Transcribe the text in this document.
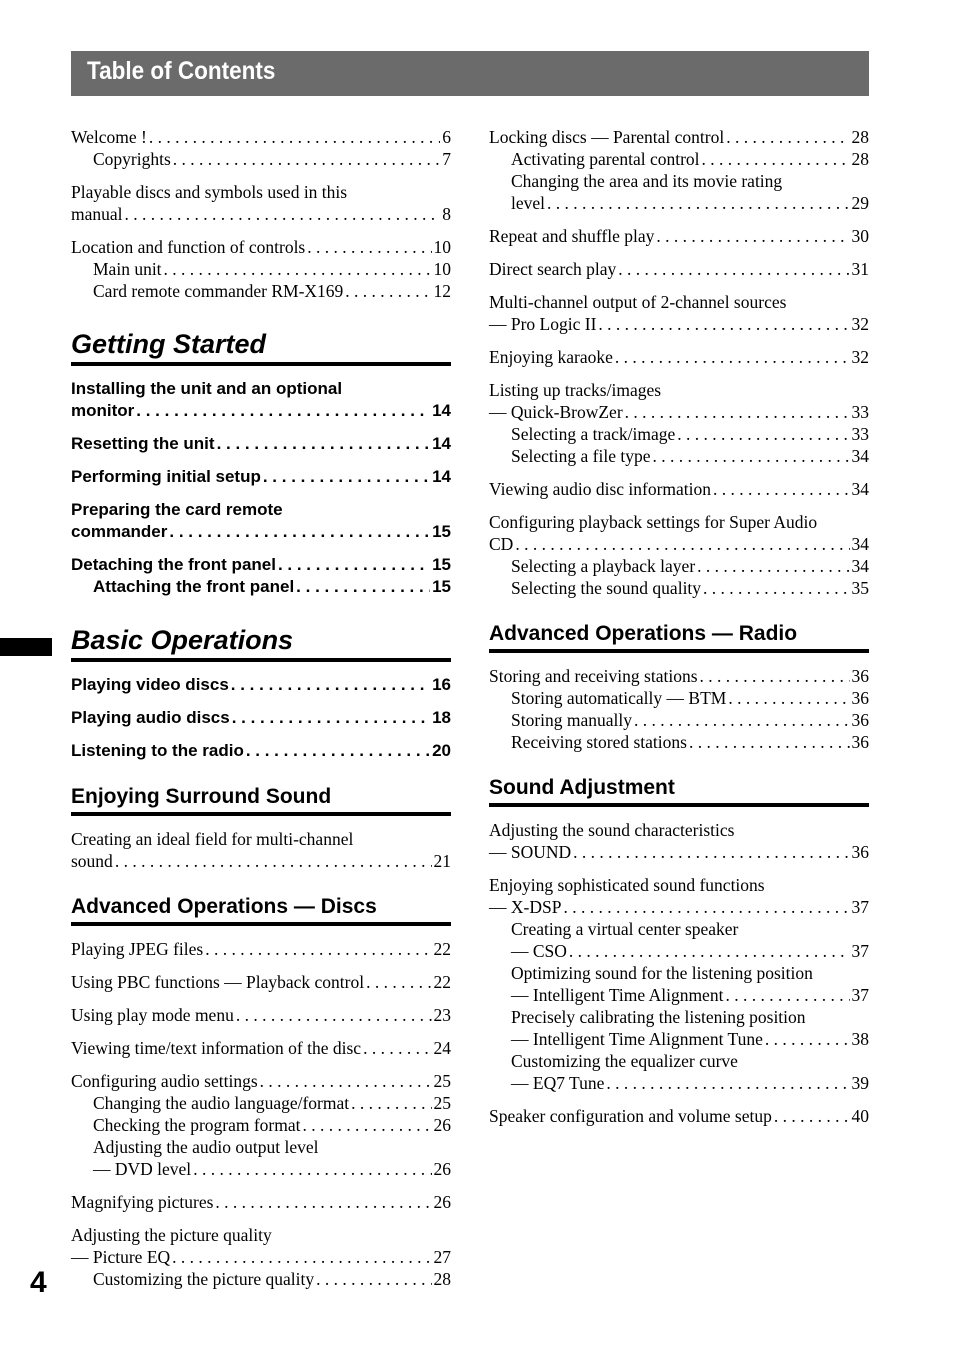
Table of Contents
4
Welcome ! . . .	6
Copyrights . . .	7
Playable discs and symbols used in this
manual . . .	8
Location and function of controls . . .	10
Main unit . . .	10
Card remote commander RM-X169 . . .	12
Getting Started
Installing the unit and an optional
monitor . . .	14
Resetting the unit . . .	14
Performing initial setup . . .	14
Preparing the card remote
commander . . .	15
Detaching the front panel . . .	15
Attaching the front panel . . .	15
Basic Operations
Playing video discs . . .	16
Playing audio discs . . .	18
Listening to the radio . . .	20
Enjoying Surround Sound
Creating an ideal field for multi-channel
sound . . .	21
Advanced Operations — Discs
Playing JPEG files . . .	22
Using PBC functions — Playback control . . .	22
Using play mode menu . . .	23
Viewing time/text information of the disc . . .	24
Configuring audio settings . . .	25
Changing the audio language/format . . .	25
Checking the program format . . .	26
Adjusting the audio output level
— DVD level . . .	26
Magnifying pictures . . .	26
Adjusting the picture quality
— Picture EQ . . .	27
Customizing the picture quality . . .	28
Locking discs — Parental control . . .	28
Activating parental control . . .	28
Changing the area and its movie rating
level . . .	29
Repeat and shuffle play . . .	30
Direct search play . . .	31
Multi-channel output of 2-channel sources
— Pro Logic II . . .	32
Enjoying karaoke . . .	32
Listing up tracks/images
— Quick-BrowZer . . .	33
Selecting a track/image . . .	33
Selecting a file type . . .	34
Viewing audio disc information . . .	34
Configuring playback settings for Super Audio
CD . . .	34
Selecting a playback layer . . .	34
Selecting the sound quality . . .	35
Advanced Operations — Radio
Storing and receiving stations . . .	36
Storing automatically — BTM . . .	36
Storing manually . . .	36
Receiving stored stations . . .	36
Sound Adjustment
Adjusting the sound characteristics
— SOUND . . .	36
Enjoying sophisticated sound functions
— X-DSP . . .	37
Creating a virtual center speaker
— CSO . . .	37
Optimizing sound for the listening position
— Intelligent Time Alignment . . .	37
Precisely calibrating the listening position
— Intelligent Time Alignment Tune . . .	38
Customizing the equalizer curve
— EQ7 Tune . . .	39
Speaker configuration and volume setup . . .	40
